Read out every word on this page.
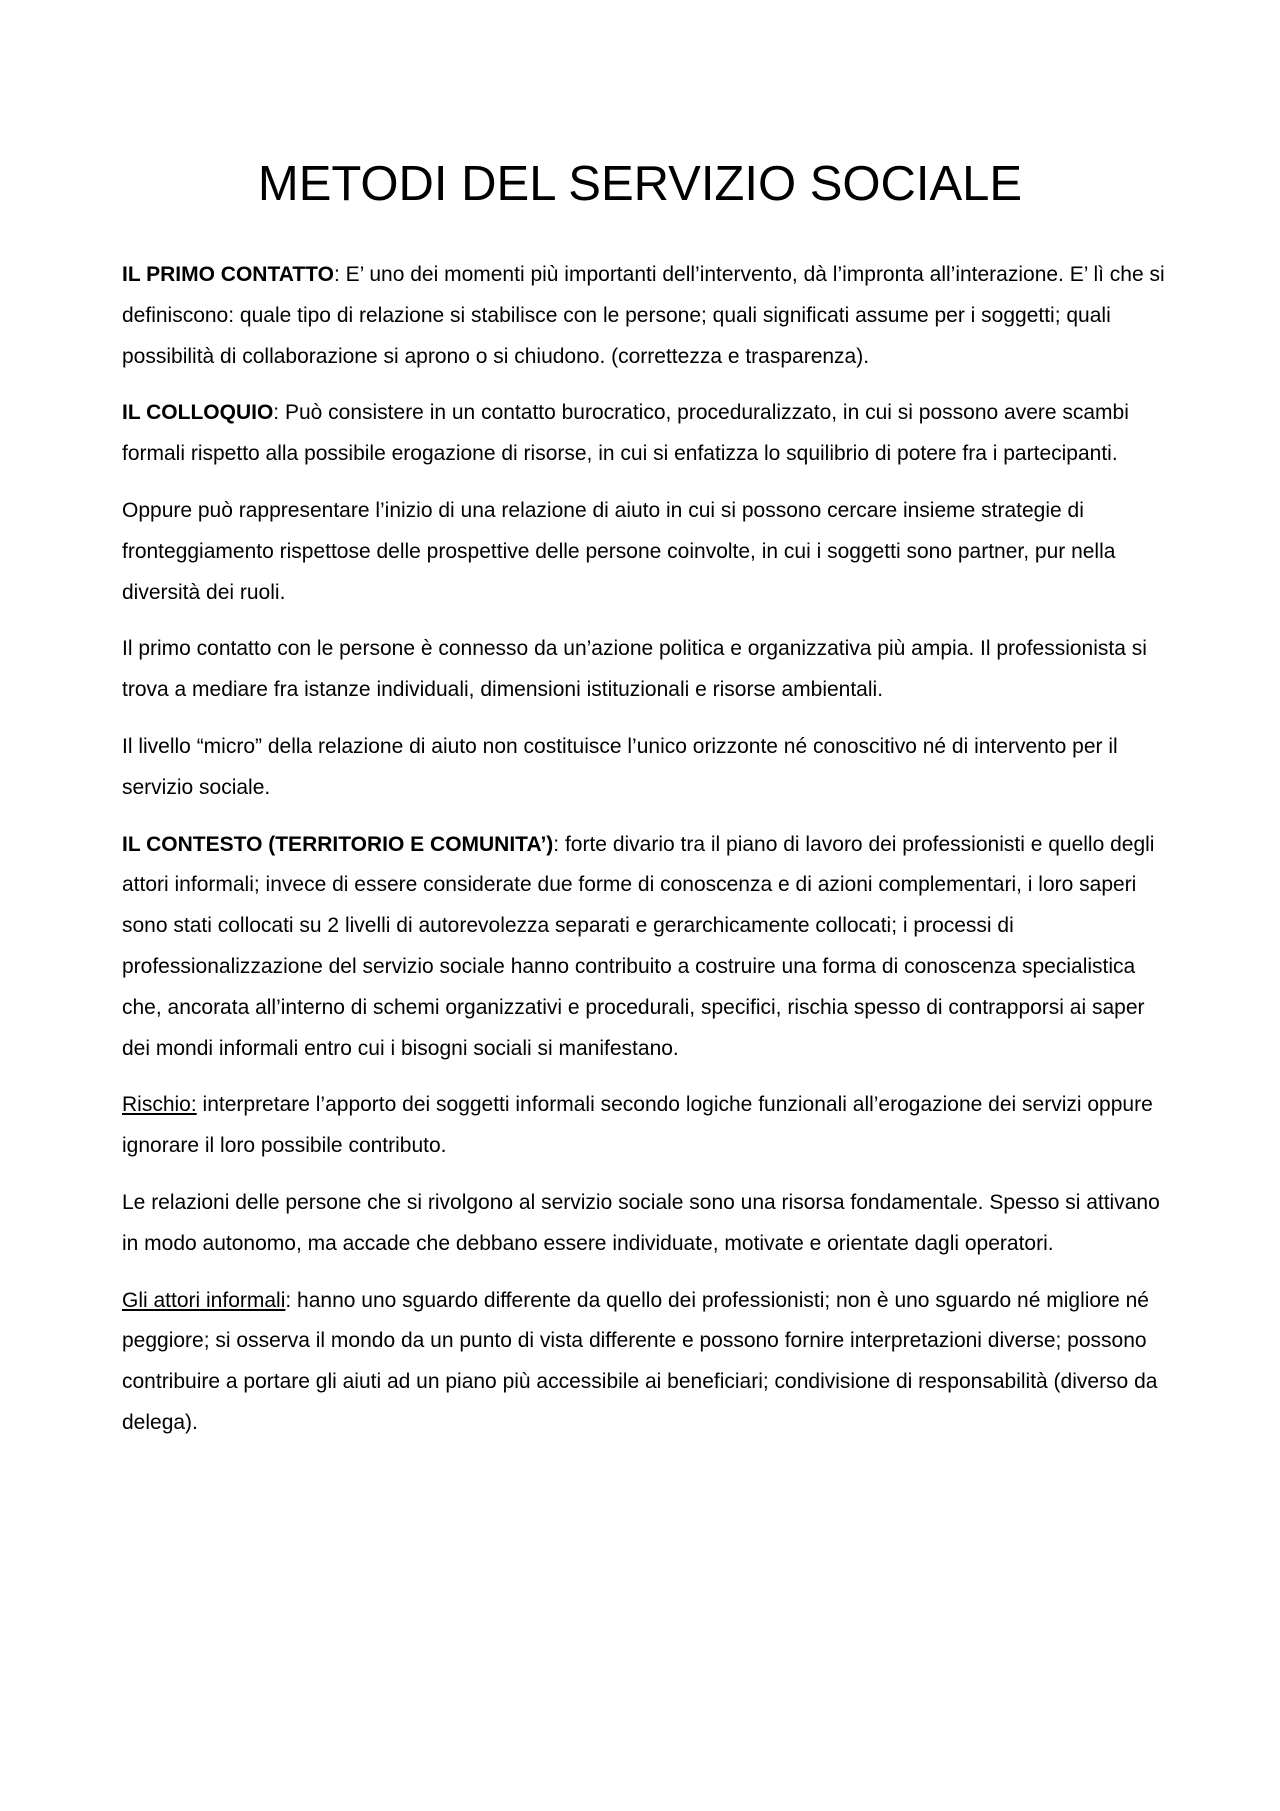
METODI DEL SERVIZIO SOCIALE

IL PRIMO CONTATTO: E’ uno dei momenti più importanti dell’intervento, dà l’impronta all’interazione. E’ lì che si definiscono: quale tipo di relazione si stabilisce con le persone; quali significati assume per i soggetti; quali possibilità di collaborazione si aprono o si chiudono. (correttezza e trasparenza).

IL COLLOQUIO: Può consistere in un contatto burocratico, proceduralizzato, in cui si possono avere scambi formali rispetto alla possibile erogazione di risorse, in cui si enfatizza lo squilibrio di potere fra i partecipanti.

Oppure può rappresentare l’inizio di una relazione di aiuto in cui si possono cercare insieme strategie di fronteggiamento rispettose delle prospettive delle persone coinvolte, in cui i soggetti sono partner, pur nella diversità dei ruoli.

Il primo contatto con le persone è connesso da un’azione politica e organizzativa più ampia. Il professionista si trova a mediare fra istanze individuali, dimensioni istituzionali e risorse ambientali.

Il livello “micro” della relazione di aiuto non costituisce l’unico orizzonte né conoscitivo né di intervento per il servizio sociale.

IL CONTESTO (TERRITORIO E COMUNITA’): forte divario tra il piano di lavoro dei professionisti e quello degli attori informali; invece di essere considerate due forme di conoscenza e di azioni complementari, i loro saperi sono stati collocati su 2 livelli di autorevolezza separati e gerarchicamente collocati; i processi di professionalizzazione del servizio sociale hanno contribuito a costruire una forma di conoscenza specialistica che, ancorata all’interno di schemi organizzativi e procedurali, specifici, rischia spesso di contrapporsi ai saper dei mondi informali entro cui i bisogni sociali si manifestano.

Rischio: interpretare l’apporto dei soggetti informali secondo logiche funzionali all’erogazione dei servizi oppure ignorare il loro possibile contributo.

Le relazioni delle persone che si rivolgono al servizio sociale sono una risorsa fondamentale. Spesso si attivano in modo autonomo, ma accade che debbano essere individuate, motivate e orientate dagli operatori.

Gli attori informali: hanno uno sguardo differente da quello dei professionisti; non è uno sguardo né migliore né peggiore; si osserva il mondo da un punto di vista differente e possono fornire interpretazioni diverse; possono contribuire a portare gli aiuti ad un piano più accessibile ai beneficiari; condivisione di responsabilità (diverso da delega).
